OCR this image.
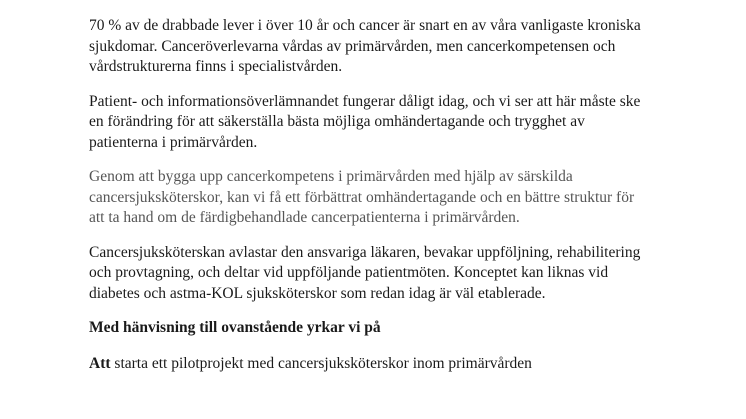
70 % av de drabbade lever i över 10 år och cancer är snart en av våra vanligaste kroniska sjukdomar. Canceröverlevarna vårdas av primärvården, men cancerkompetensen och vårdstrukturerna finns i specialistvården.

Patient- och informationsöverlämnandet fungerar dåligt idag, och vi ser att här måste ske en förändring för att säkerställa bästa möjliga omhändertagande och trygghet av patienterna i primärvården.

Genom att bygga upp cancerkompetens i primärvården med hjälp av särskilda cancersjuksköterskor, kan vi få ett förbättrat omhändertagande och en bättre struktur för att ta hand om de färdigbehandlade cancerpatienterna i primärvården.

Cancersjuksköterskan avlastar den ansvariga läkaren, bevakar uppföljning, rehabilitering och provtagning, och deltar vid uppföljande patientmöten. Konceptet kan liknas vid diabetes och astma-KOL sjuksköterskor som redan idag är väl etablerade.

Med hänvisning till ovanstående yrkar vi på

Att starta ett pilotprojekt med cancersjuksköterskor inom primärvården
